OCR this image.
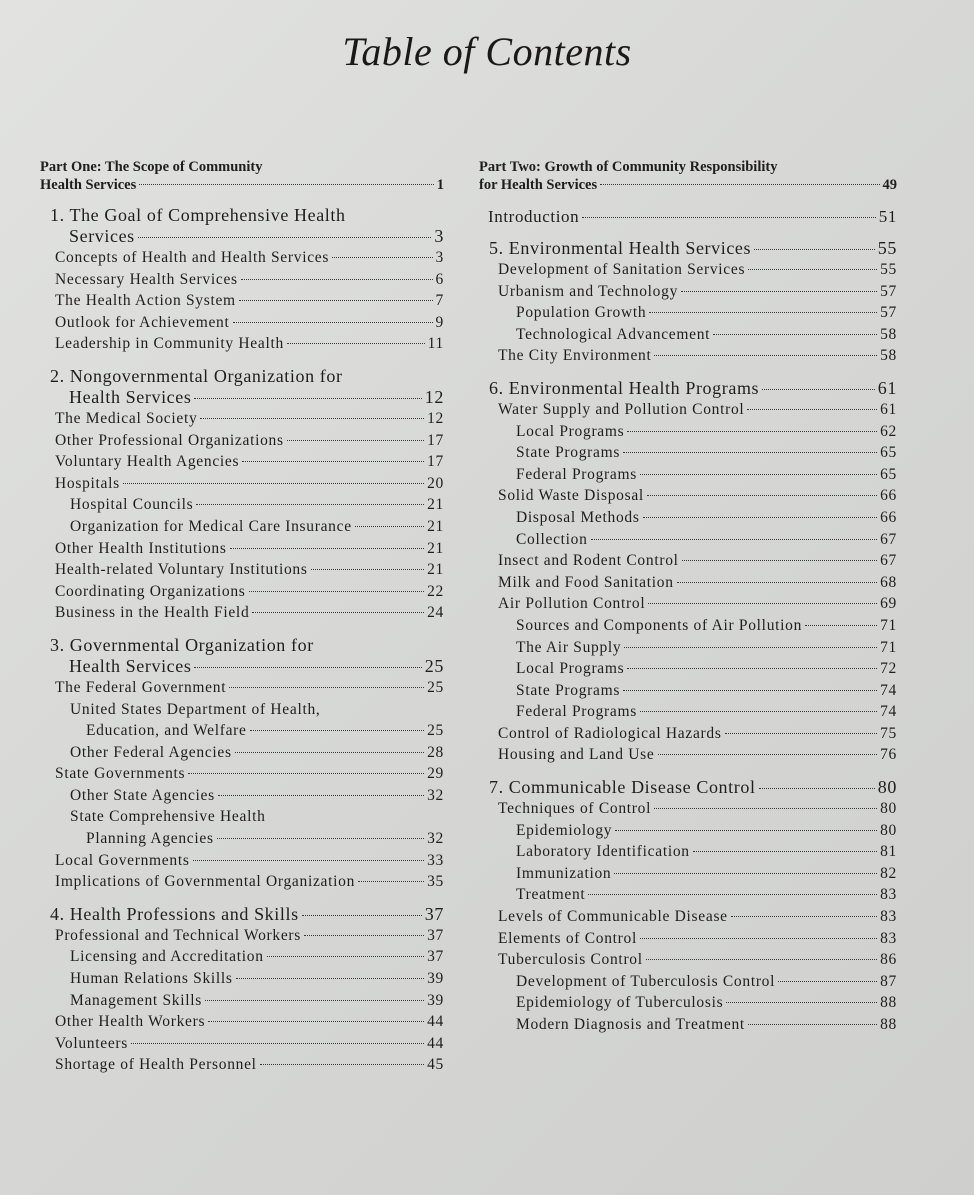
Table of Contents
Part One: The Scope of Community
Health Services	1
1. The Goal of Comprehensive Health
Services	3
Concepts of Health and Health Services	3
Necessary Health Services	6
The Health Action System	7
Outlook for Achievement	9
Leadership in Community Health	11
2. Nongovernmental Organization for
Health Services	12
The Medical Society	12
Other Professional Organizations	17
Voluntary Health Agencies	17
Hospitals	20
Hospital Councils	21
Organization for Medical Care Insurance	21
Other Health Institutions	21
Health-related Voluntary Institutions	21
Coordinating Organizations	22
Business in the Health Field	24
3. Governmental Organization for
Health Services	25
The Federal Government	25
United States Department of Health,
Education, and Welfare	25
Other Federal Agencies	28
State Governments	29
Other State Agencies	32
State Comprehensive Health
Planning Agencies	32
Local Governments	33
Implications of Governmental Organization	35
4. Health Professions and Skills	37
Professional and Technical Workers	37
Licensing and Accreditation	37
Human Relations Skills	39
Management Skills	39
Other Health Workers	44
Volunteers	44
Shortage of Health Personnel	45
Part Two: Growth of Community Responsibility
for Health Services	49
Introduction	51
5. Environmental Health Services	55
Development of Sanitation Services	55
Urbanism and Technology	57
Population Growth	57
Technological Advancement	58
The City Environment	58
6. Environmental Health Programs	61
Water Supply and Pollution Control	61
Local Programs	62
State Programs	65
Federal Programs	65
Solid Waste Disposal	66
Disposal Methods	66
Collection	67
Insect and Rodent Control	67
Milk and Food Sanitation	68
Air Pollution Control	69
Sources and Components of Air Pollution	71
The Air Supply	71
Local Programs	72
State Programs	74
Federal Programs	74
Control of Radiological Hazards	75
Housing and Land Use	76
7. Communicable Disease Control	80
Techniques of Control	80
Epidemiology	80
Laboratory Identification	81
Immunization	82
Treatment	83
Levels of Communicable Disease	83
Elements of Control	83
Tuberculosis Control	86
Development of Tuberculosis Control	87
Epidemiology of Tuberculosis	88
Modern Diagnosis and Treatment	88
